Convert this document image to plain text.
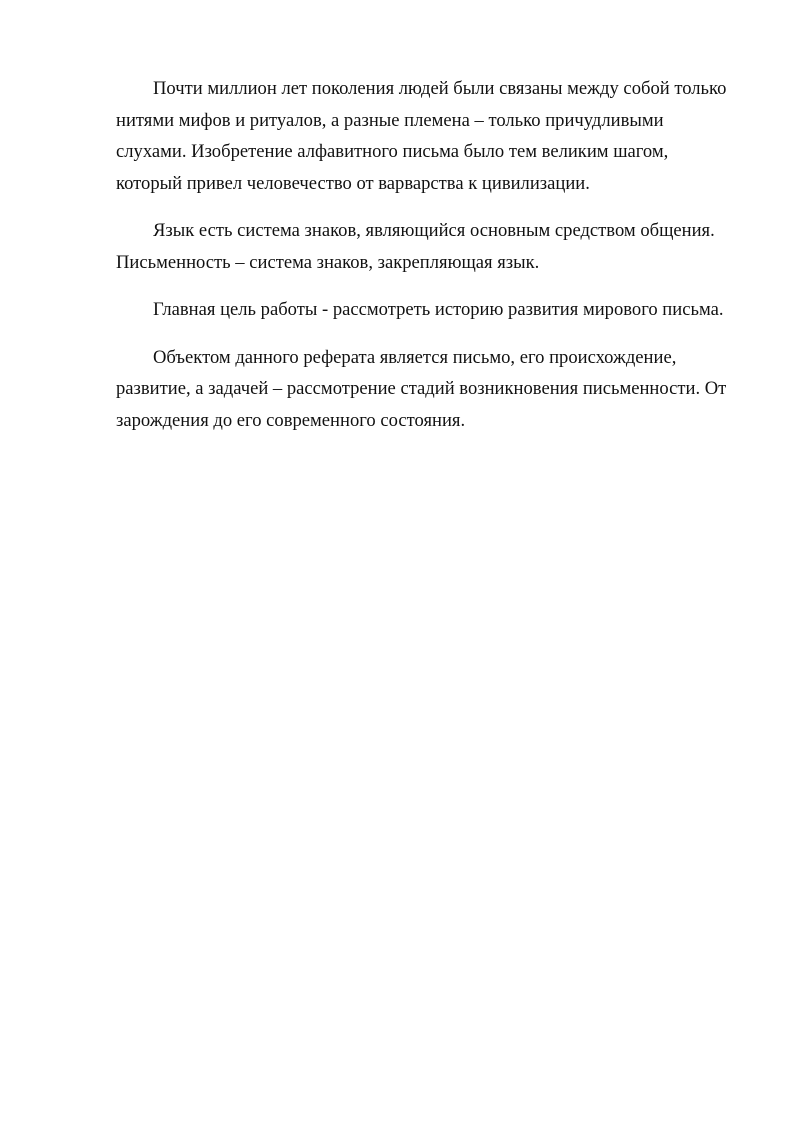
Почти миллион лет поколения людей были связаны между собой только
нитями мифов и ритуалов, а разные племена – только причудливыми
слухами. Изобретение алфавитного письма было тем великим шагом,
который привел человечество от варварства к цивилизации.

Язык есть система знаков, являющийся основным средством общения.
Письменность – система знаков, закрепляющая язык.

Главная цель работы - рассмотреть историю развития мирового письма.

Объектом данного реферата является письмо, его происхождение,
развитие, а задачей – рассмотрение стадий возникновения письменности. От
зарождения до его современного состояния.
